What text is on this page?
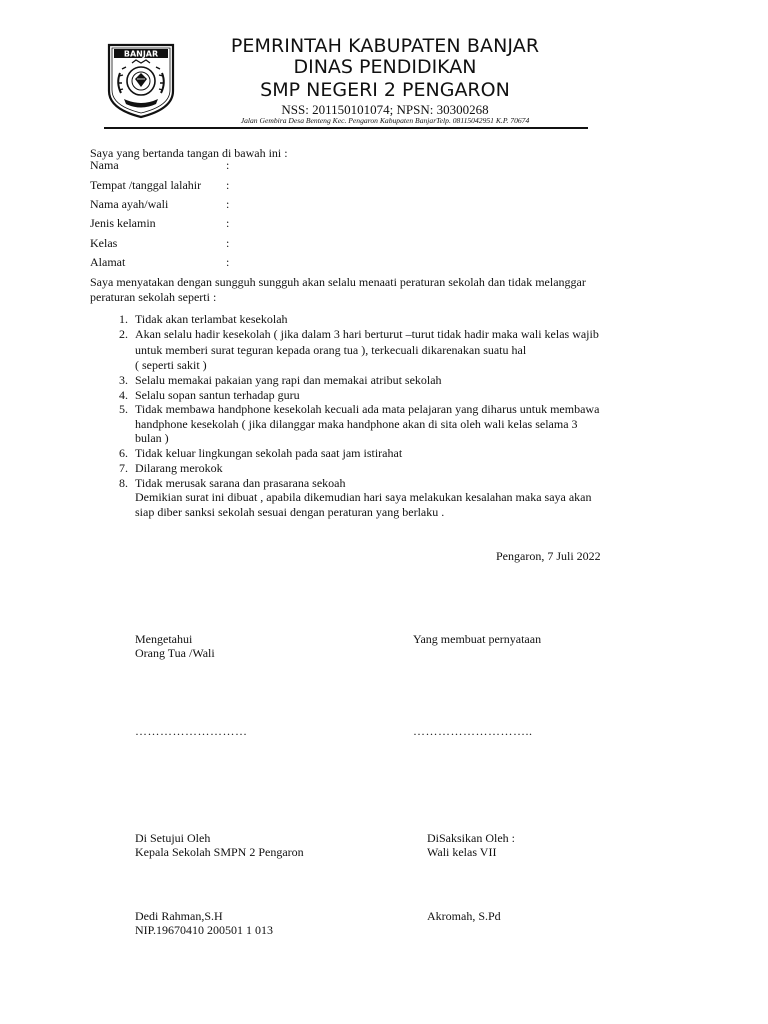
BANJAR	PEMRINTAH KABUPATEN BANJAR
DINAS PENDIDIKAN
SMP NEGERI 2 PENGARON
NSS: 201150101074; NPSN: 30300268
Jalan Gembira Desa Benteng Kec. Pengaron Kabupaten BanjarTelp. 08115042951 K.P. 70674
Saya yang bertanda tangan di bawah ini :
Nama	:
Tempat /tanggal lalahir :
Nama ayah/wali	:
Jenis kelamin	:
Kelas	:
Alamat	:
Saya menyatakan dengan sungguh sungguh akan selalu menaati peraturan sekolah dan tidak melanggar
peraturan sekolah seperti :
1. Tidak akan terlambat kesekolah
2. Akan selalu hadir kesekolah ( jika dalam 3 hari berturut –turut tidak hadir maka wali kelas wajib
untuk memberi surat teguran kepada orang tua ), terkecuali dikarenakan suatu hal
( seperti sakit )
3. Selalu memakai pakaian yang rapi dan memakai atribut sekolah
4. Selalu sopan santun terhadap guru
5. Tidak membawa handphone kesekolah kecuali ada mata pelajaran yang diharus untuk membawa
handphone kesekolah ( jika dilanggar maka handphone akan di sita oleh wali kelas selama 3
bulan )
6. Tidak keluar lingkungan sekolah pada saat jam istirahat
7. Dilarang merokok
8. Tidak merusak sarana dan prasarana sekoah
Demikian surat ini dibuat , apabila dikemudian hari saya melakukan kesalahan maka saya akan
siap diber sanksi sekolah sesuai dengan peraturan yang berlaku .
Pengaron, 7 Juli 2022
Mengetahui
Orang Tua /Wali
Yang membuat pernyataan
………………………	………………………..
Di Setujui Oleh
Kepala Sekolah SMPN 2 Pengaron
DiSaksikan Oleh :
Wali kelas VII
Dedi Rahman,S.H
NIP.19670410 200501 1 013
Akromah, S.Pd
